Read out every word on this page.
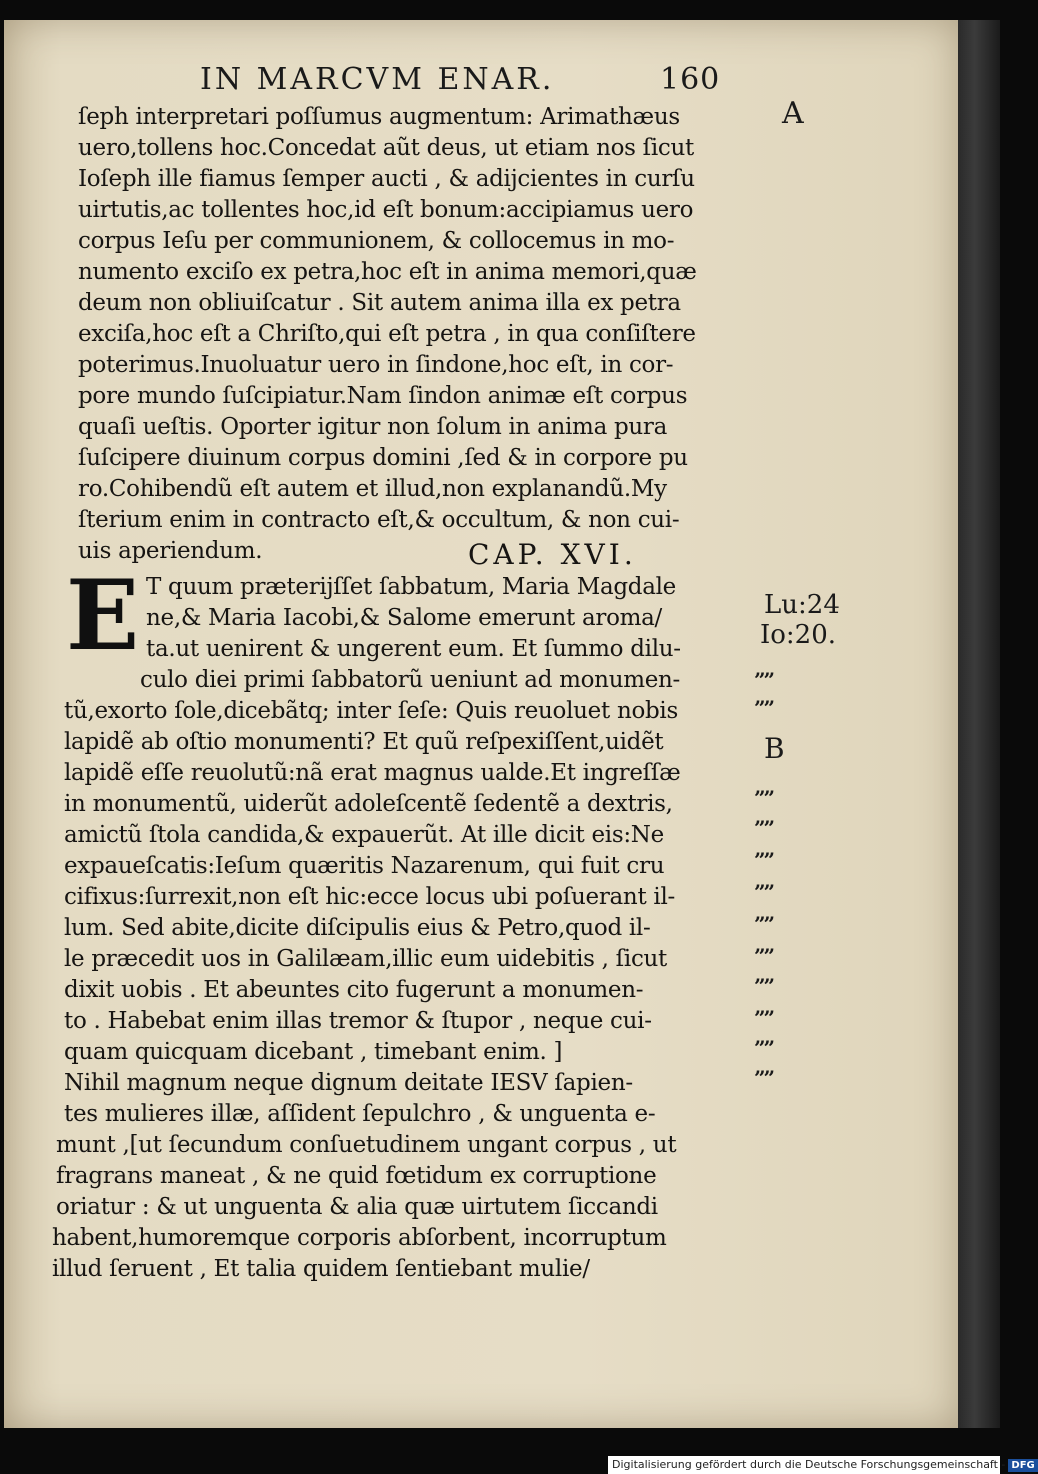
IN MARCVM ENAR.	160
A
Lu:24
Io:20.
B
””
””
””
””
””
””
””
””
””
””
””
””
ſeph interpretari poſſumus augmentum: Arimathæus
uero,tollens hoc.Concedat aũt deus, ut etiam nos ſicut
Ioſeph ille fiamus ſemper aucti , & adijcientes in curſu
uirtutis,ac tollentes hoc,id eſt bonum:accipiamus uero
corpus Ieſu per communionem, & collocemus in mo-
numento exciſo ex petra,hoc eſt in anima memori,quæ
deum non obliuiſcatur . Sit autem anima illa ex petra
exciſa,hoc eſt a Chriſto,qui eſt petra , in qua conſiſtere
poterimus.Inuoluatur uero in ſindone,hoc eſt, in cor-
pore mundo ſuſcipiatur.Nam ſindon animæ eſt corpus
quaſi ueſtis. Oporter igitur non ſolum in anima pura
ſuſcipere diuinum corpus domini ,ſed & in corpore pu
ro.Cohibendũ eſt autem et illud,non explanandũ.My
ſterium enim in contracto eſt,& occultum, & non cui-
uis aperiendum.	CAP. XVI.
E T quum præterijſſet ſabbatum, Maria Magdale
ne,& Maria Iacobi,& Salome emerunt aroma/
ta.ut uenirent & ungerent eum. Et ſummo dilu-
culo diei primi ſabbatorũ ueniunt ad monumen-
tũ,exorto ſole,dicebãtq; inter ſeſe: Quis reuoluet nobis
lapidẽ ab oſtio monumenti? Et quũ reſpexiſſent,uidẽt
lapidẽ eſſe reuolutũ:nã erat magnus ualde.Et ingreſſæ
in monumentũ, uiderũt adoleſcentẽ ſedentẽ a dextris,
amictũ ſtola candida,& expauerũt. At ille dicit eis:Ne
expaueſcatis:Ieſum quæritis Nazarenum, qui fuit cru
cifixus:ſurrexit,non eſt hic:ecce locus ubi poſuerant il-
lum. Sed abite,dicite diſcipulis eius & Petro,quod il-
le præcedit uos in Galilæam,illic eum uidebitis , ſicut
dixit uobis . Et abeuntes cito fugerunt a monumen-
to . Habebat enim illas tremor & ſtupor , neque cui-
quam quicquam dicebant , timebant enim. ]
Nihil magnum neque dignum deitate IESV ſapien-
tes mulieres illæ, aſſident ſepulchro , & unguenta e-
munt ,[ut ſecundum conſuetudinem ungant corpus , ut
fragrans maneat , & ne quid fœtidum ex corruptione
oriatur : & ut unguenta & alia quæ uirtutem ſiccandi
habent,humoremque corporis abſorbent, incorruptum
illud ſeruent , Et talia quidem ſentiebant mulie/
Digitalisierung gefördert durch die Deutsche Forschungsgemeinschaft - DFG
